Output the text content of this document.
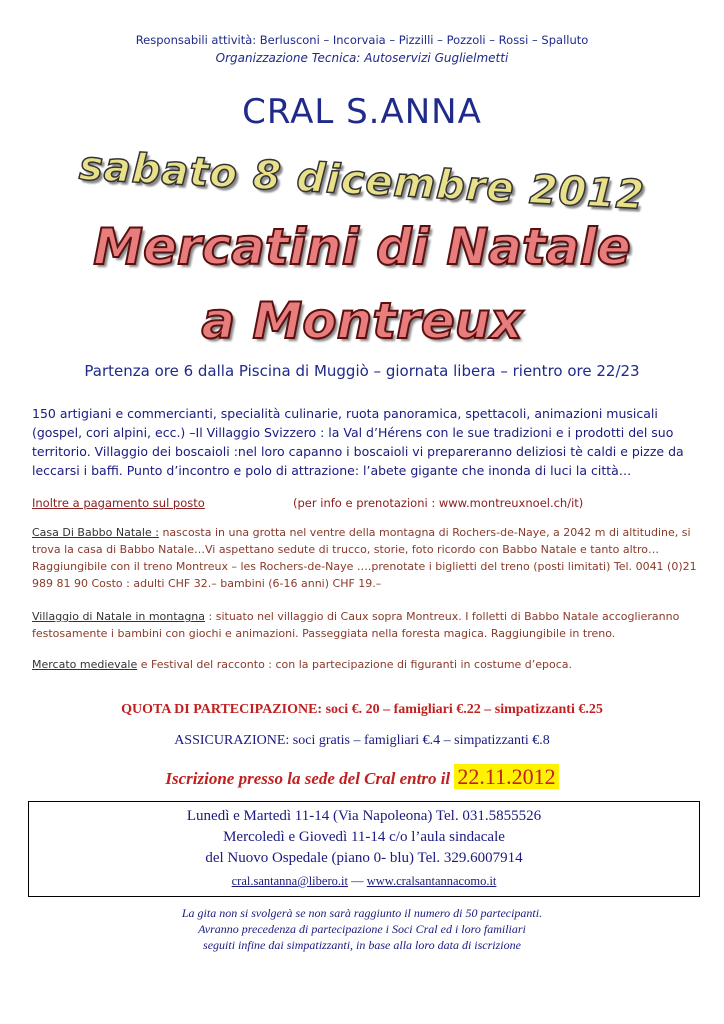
Responsabili attività: Berlusconi – Incorvaia – Pizzilli – Pozzoli – Rossi – Spalluto
Organizzazione Tecnica: Autoservizi Guglielmetti
CRAL S.ANNA
sabato 8 dicembre 2012
Mercatini di Natale
a Montreux
Partenza ore 6 dalla Piscina di Muggiò – giornata libera – rientro ore 22/23
150 artigiani e commercianti, specialità culinarie, ruota panoramica, spettacoli, animazioni musicali (gospel, cori alpini, ecc.) –Il Villaggio Svizzero : la Val d’Hérens con le sue tradizioni e i prodotti del suo territorio. Villaggio dei boscaioli :nel loro capanno i boscaioli vi prepareranno deliziosi tè caldi e pizze da leccarsi i baffi. Punto d’incontro e polo di attrazione: l’abete gigante che inonda di luci la città…
Inoltre a pagamento sul posto	(per info e prenotazioni : www.montreuxnoel.ch/it)
Casa Di Babbo Natale : nascosta in una grotta nel ventre della montagna di Rochers-de-Naye, a 2042 m di altitudine, si trova la casa di Babbo Natale…Vi aspettano sedute di trucco, storie, foto ricordo con Babbo Natale e tanto altro… Raggiungibile con il treno Montreux – les Rochers-de-Naye ….prenotate i biglietti del treno (posti limitati) Tel. 0041 (0)21 989 81 90 Costo : adulti CHF 32.– bambini (6-16 anni) CHF 19.–
Villaggio di Natale in montagna : situato nel villaggio di Caux sopra Montreux. I folletti di Babbo Natale accoglieranno festosamente i bambini con giochi e animazioni. Passeggiata nella foresta magica. Raggiungibile in treno.
Mercato medievale e Festival del racconto : con la partecipazione di figuranti in costume d’epoca.
QUOTA DI PARTECIPAZIONE: soci €. 20 – famigliari €.22 – simpatizzanti €.25
ASSICURAZIONE: soci gratis – famigliari €.4 – simpatizzanti €.8
Iscrizione presso la sede del Cral entro il 22.11.2012
Lunedì e Martedì 11-14 (Via Napoleona) Tel. 031.5855526
Mercoledì e Giovedì 11-14 c/o l’aula sindacale
del Nuovo Ospedale (piano 0- blu) Tel. 329.6007914
cral.santanna@libero.it — www.cralsantannacomo.it
La gita non si svolgerà se non sarà raggiunto il numero di 50 partecipanti.
Avranno precedenza di partecipazione i Soci Cral ed i loro familiari
seguiti infine dai simpatizzanti, in base alla loro data di iscrizione
